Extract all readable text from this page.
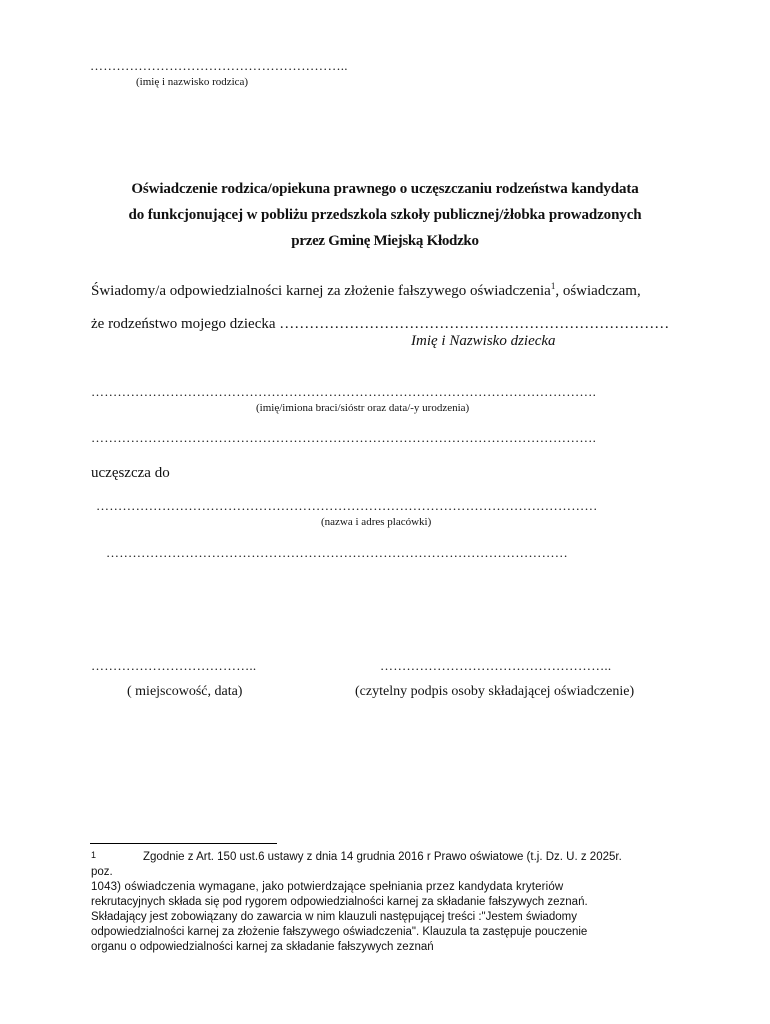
…………………………………………………..
(imię i nazwisko rodzica)
Oświadczenie rodzica/opiekuna prawnego o uczęszczaniu rodzeństwa kandydata
do funkcjonującej w pobliżu przedszkola szkoły publicznej/żłobka prowadzonych
przez Gminę Miejską Kłodzko
Świadomy/a odpowiedzialności karnej za złożenie fałszywego oświadczenia$^1$, oświadczam,
że rodzeństwo mojego dziecka ……………………………………………………………………
Imię i Nazwisko dziecka
…………………………………………………………………………………………………….
(imię/imiona braci/sióstr oraz data/-y urodzenia)
…………………………………………………………………………………………………….
uczęszcza do
……………………………………………………………………………………………………
(nazwa i adres placówki)
……………………………………………………………………………………………
………………………………..	……………………………………………..
( miejscowość, data)	(czytelny podpis osoby składającej oświadczenie)
1	Zgodnie z Art. 150 ust.6 ustawy z dnia 14 grudnia 2016 r Prawo oświatowe (t.j. Dz. U. z 2025r.
poz.
1043) oświadczenia wymagane, jako potwierdzające spełniania przez kandydata kryteriów
rekrutacyjnych składa się pod rygorem odpowiedzialności karnej za składanie fałszywych zeznań.
Składający jest zobowiązany do zawarcia w nim klauzuli następującej treści :"Jestem świadomy
odpowiedzialności karnej za złożenie fałszywego oświadczenia". Klauzula ta zastępuje pouczenie
organu o odpowiedzialności karnej za składanie fałszywych zeznań
